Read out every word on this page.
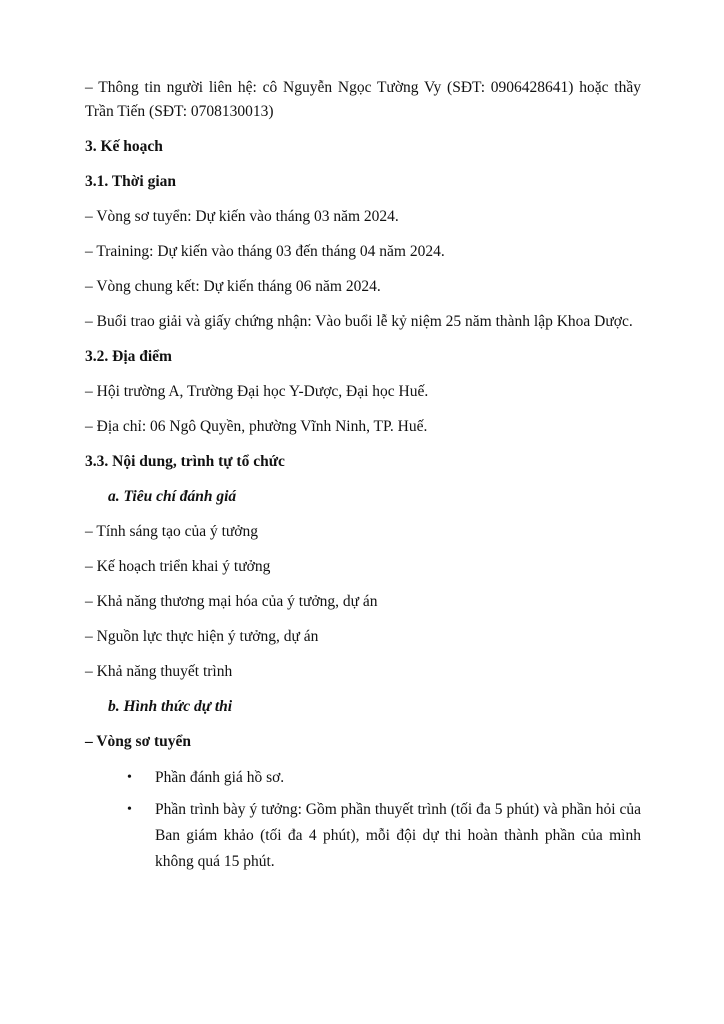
– Thông tin người liên hệ: cô Nguyễn Ngọc Tường Vy (SĐT: 0906428641) hoặc thầy Trần Tiến (SĐT: 0708130013)

3. Kế hoạch

3.1. Thời gian

– Vòng sơ tuyển: Dự kiến vào tháng 03 năm 2024.

– Training: Dự kiến vào tháng 03 đến tháng 04 năm 2024.

– Vòng chung kết: Dự kiến tháng 06 năm 2024.

– Buổi trao giải và giấy chứng nhận: Vào buổi lễ kỷ niệm 25 năm thành lập Khoa Dược.

3.2. Địa điểm

– Hội trường A, Trường Đại học Y-Dược, Đại học Huế.

– Địa chỉ: 06 Ngô Quyền, phường Vĩnh Ninh, TP. Huế.

3.3. Nội dung, trình tự tổ chức

a. Tiêu chí đánh giá

– Tính sáng tạo của ý tưởng

– Kế hoạch triển khai ý tưởng

– Khả năng thương mại hóa của ý tưởng, dự án

– Nguồn lực thực hiện ý tưởng, dự án

– Khả năng thuyết trình

b. Hình thức dự thi

– Vòng sơ tuyển

•	Phần đánh giá hồ sơ.
•	Phần trình bày ý tưởng: Gồm phần thuyết trình (tối đa 5 phút) và phần hỏi của Ban giám khảo (tối đa 4 phút), mỗi đội dự thi hoàn thành phần của mình không quá 15 phút.
